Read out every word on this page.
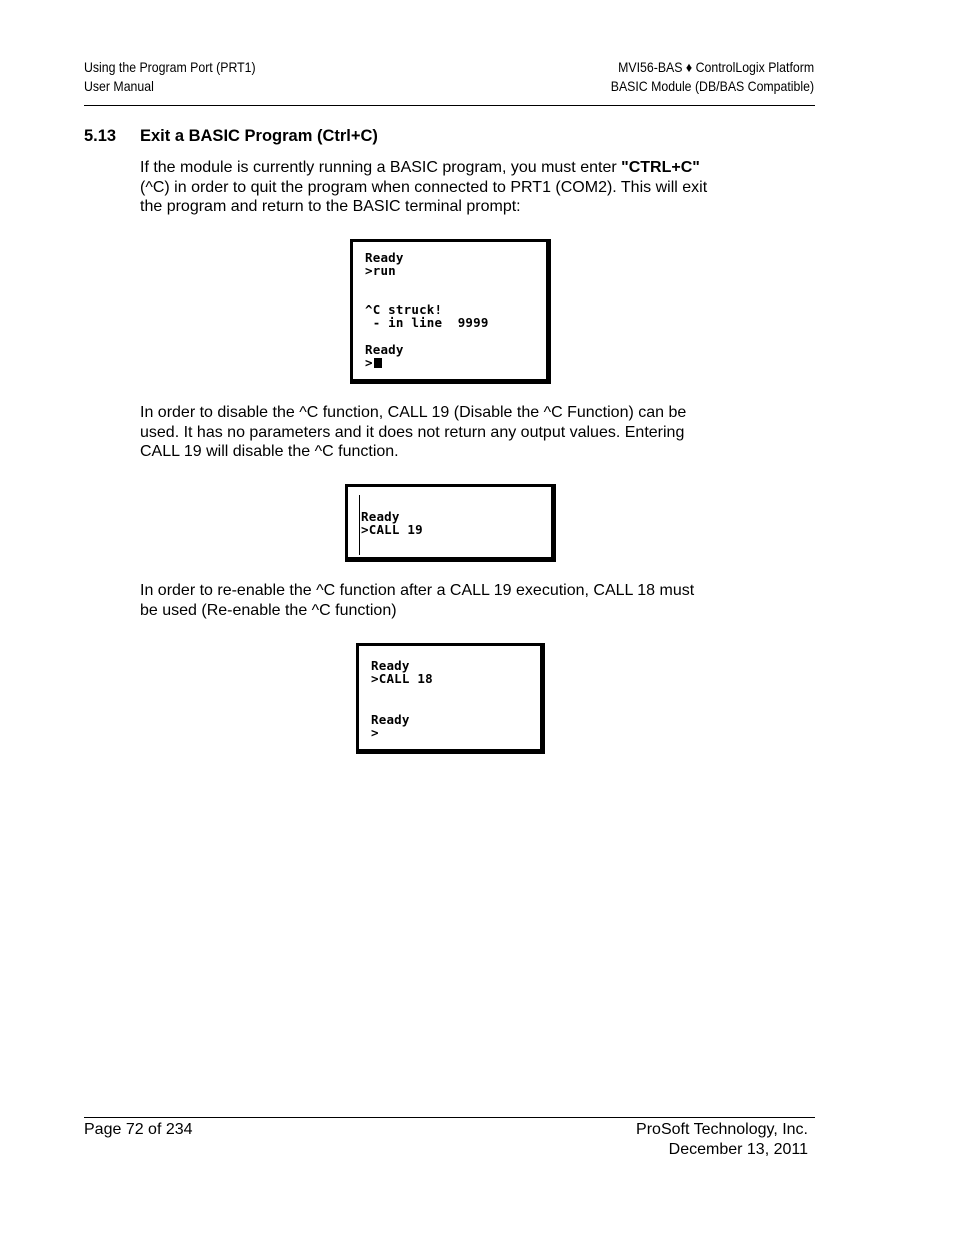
Using the Program Port (PRT1)
User Manual
MVI56-BAS ♦ ControlLogix Platform
BASIC Module (DB/BAS Compatible)
5.13 Exit a BASIC Program (Ctrl+C)
If the module is currently running a BASIC program, you must enter "CTRL+C"
(^C) in order to quit the program when connected to PRT1 (COM2). This will exit
the program and return to the BASIC terminal prompt:
Ready
>run
^C struck!
- in line  9999
Ready
>
In order to disable the ^C function, CALL 19 (Disable the ^C Function) can be
used. It has no parameters and it does not return any output values. Entering
CALL 19 will disable the ^C function.
Ready
>CALL 19
In order to re-enable the ^C function after a CALL 19 execution, CALL 18 must
be used (Re-enable the ^C function)
Ready
>CALL 18
Ready
>
Page 72 of 234	ProSoft Technology, Inc.
December 13, 2011
